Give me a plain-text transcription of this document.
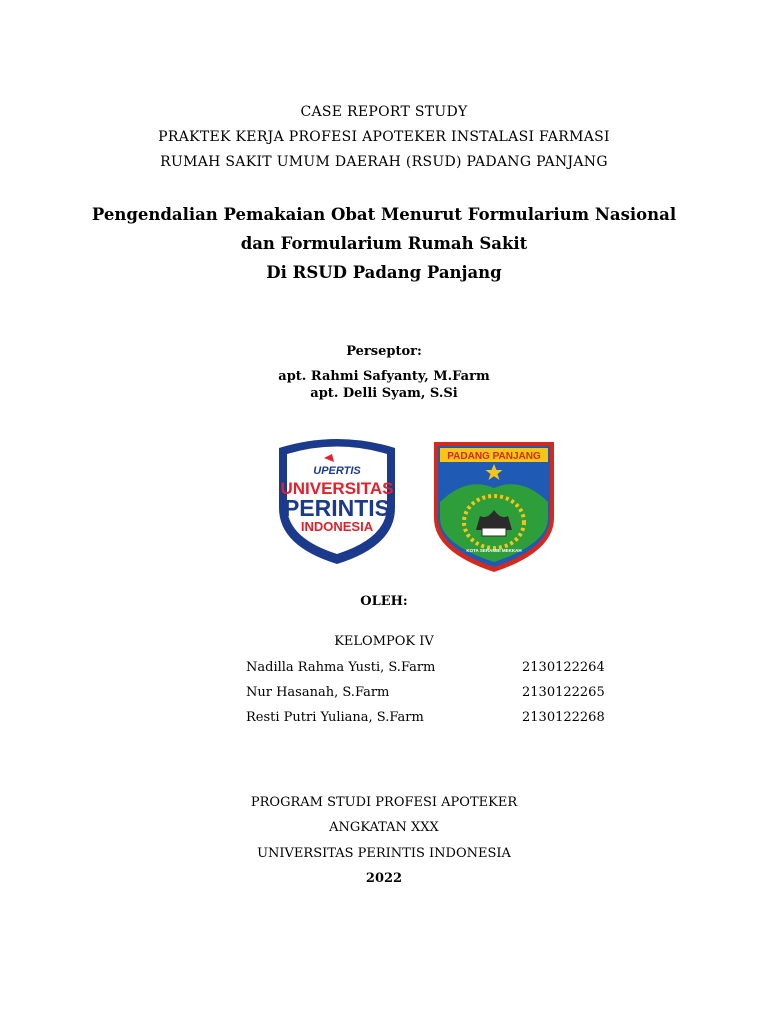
CASE REPORT STUDY
PRAKTEK KERJA PROFESI APOTEKER INSTALASI FARMASI
RUMAH SAKIT UMUM DAERAH (RSUD) PADANG PANJANG
Pengendalian Pemakaian Obat Menurut Formularium Nasional
dan Formularium Rumah Sakit
Di RSUD Padang Panjang
Perseptor:
apt. Rahmi Safyanty, M.Farm
apt. Delli Syam, S.Si
UPERTIS
UNIVERSITAS
PERINTIS
INDONESIA
PADANG PANJANG
KOTA SERAMBI MEKKAH
OLEH:
KELOMPOK IV
Nadilla Rahma Yusti, S.Farm	2130122264
Nur Hasanah, S.Farm	2130122265
Resti Putri Yuliana, S.Farm	2130122268
PROGRAM STUDI PROFESI APOTEKER
ANGKATAN XXX
UNIVERSITAS PERINTIS INDONESIA
2022
